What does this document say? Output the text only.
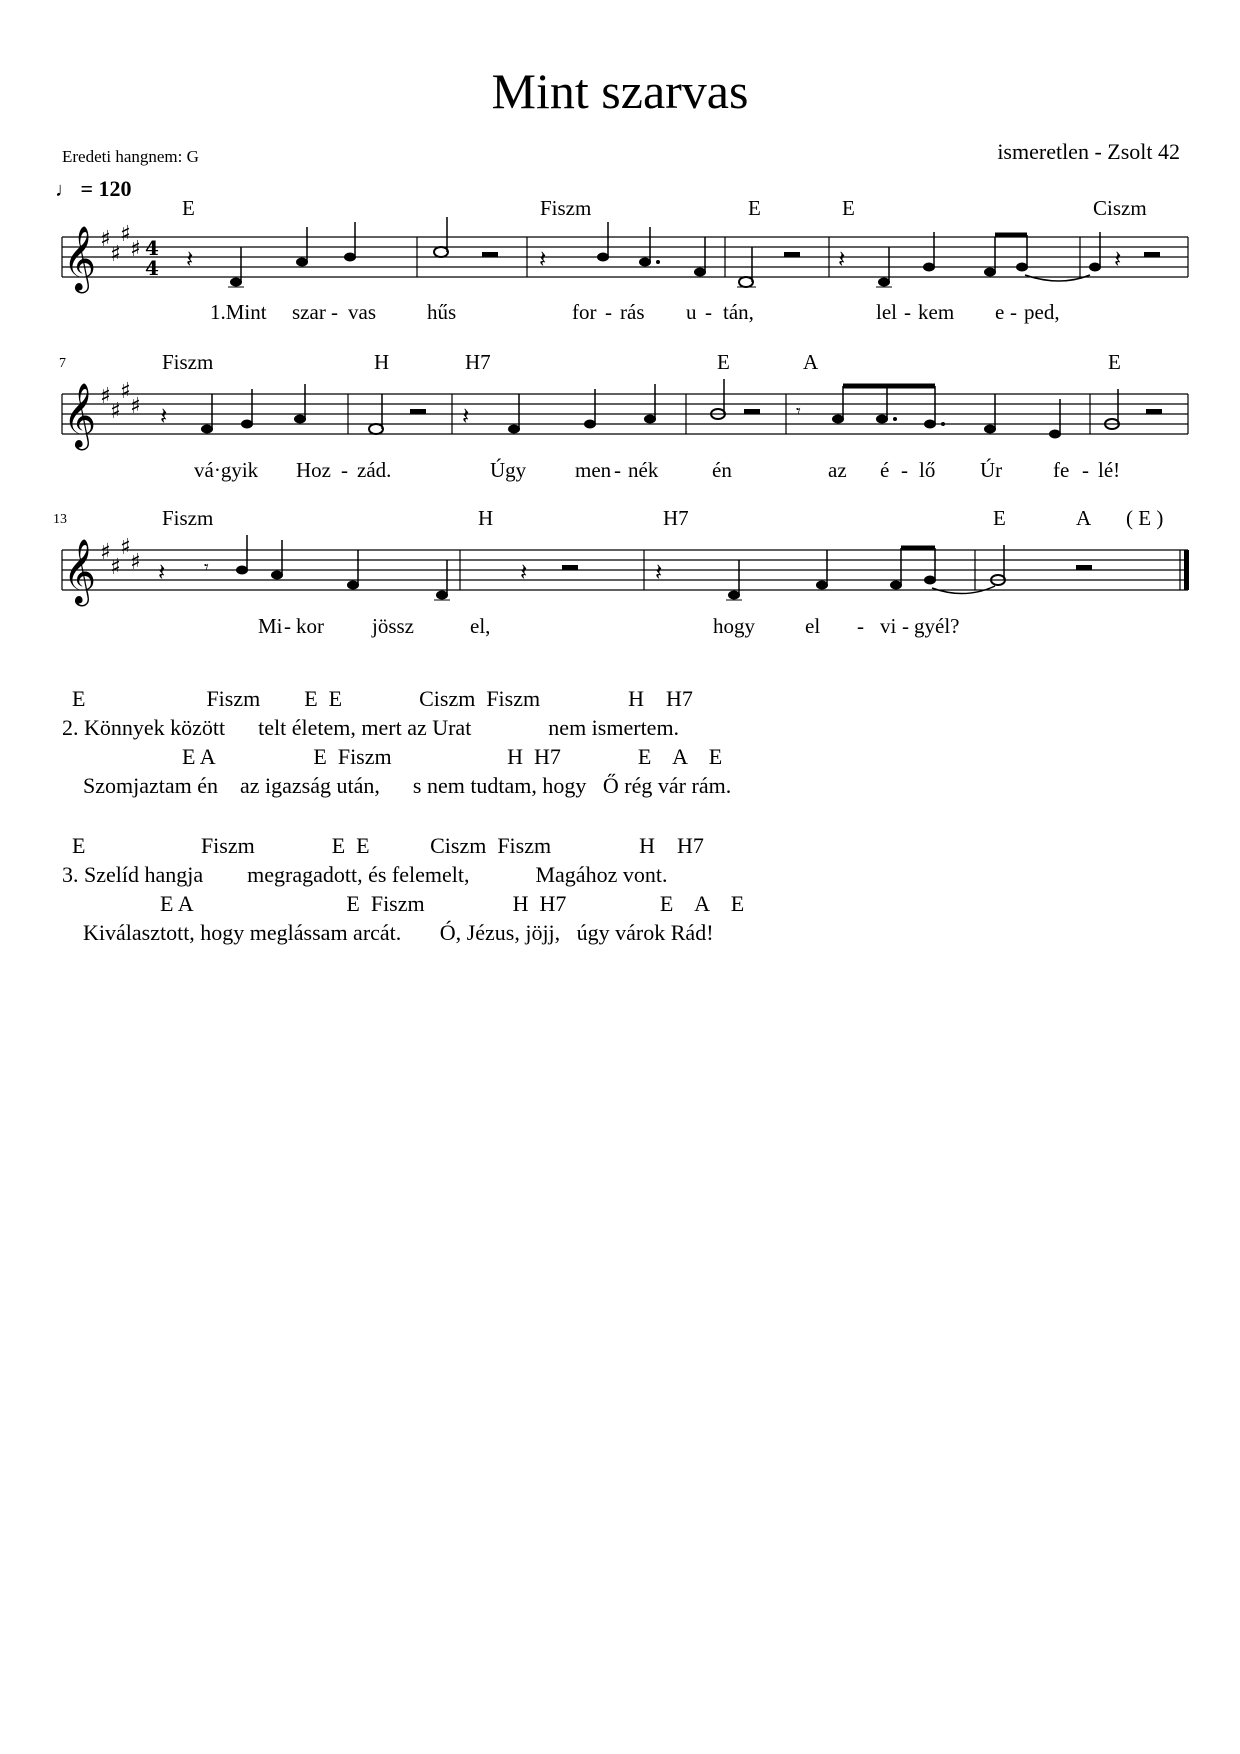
Mint szarvas
Eredeti hangnem: G	ismeretlen - Zsolt 42
♩ = 120
E	Fiszm	E	E	Ciszm
𝄞 ♯
♯
♯
♯ 4
4 𝄽	𝄽	𝄽	𝄽
1.Mint szar - vas hűs	for - rás u - tán,	lel - kem e - ped,
7	Fiszm	H	H7	E	A	E
𝄞 ♯
♯
♯
♯ 𝄽	𝄽	𝄾
vá·gyik Hoz - zád.	Úgy men - nék	én	az é - lő Úr fe - lé!
13	Fiszm	H	H7	E	A ( E )
𝄞 ♯
♯
♯
♯ 𝄽 𝄾	𝄽	𝄽
Mi - kor jössz	el,	hogy el - vi - gyél?
E                      Fiszm        E  E              Ciszm  Fiszm                H    H7
2. Könnyek között      telt életem, mert az Urat              nem ismertem.
E A                  E  Fiszm                     H  H7              E    A    E
Szomjaztam én    az igazság után,      s nem tudtam, hogy   Ő rég vár rám.
E                     Fiszm              E  E           Ciszm  Fiszm                H    H7
3. Szelíd hangja        megragadott, és felemelt,            Magához vont.
E A                            E  Fiszm                H  H7                 E    A    E
Kiválasztott, hogy meglássam arcát.       Ó, Jézus, jöjj,   úgy várok Rád!
